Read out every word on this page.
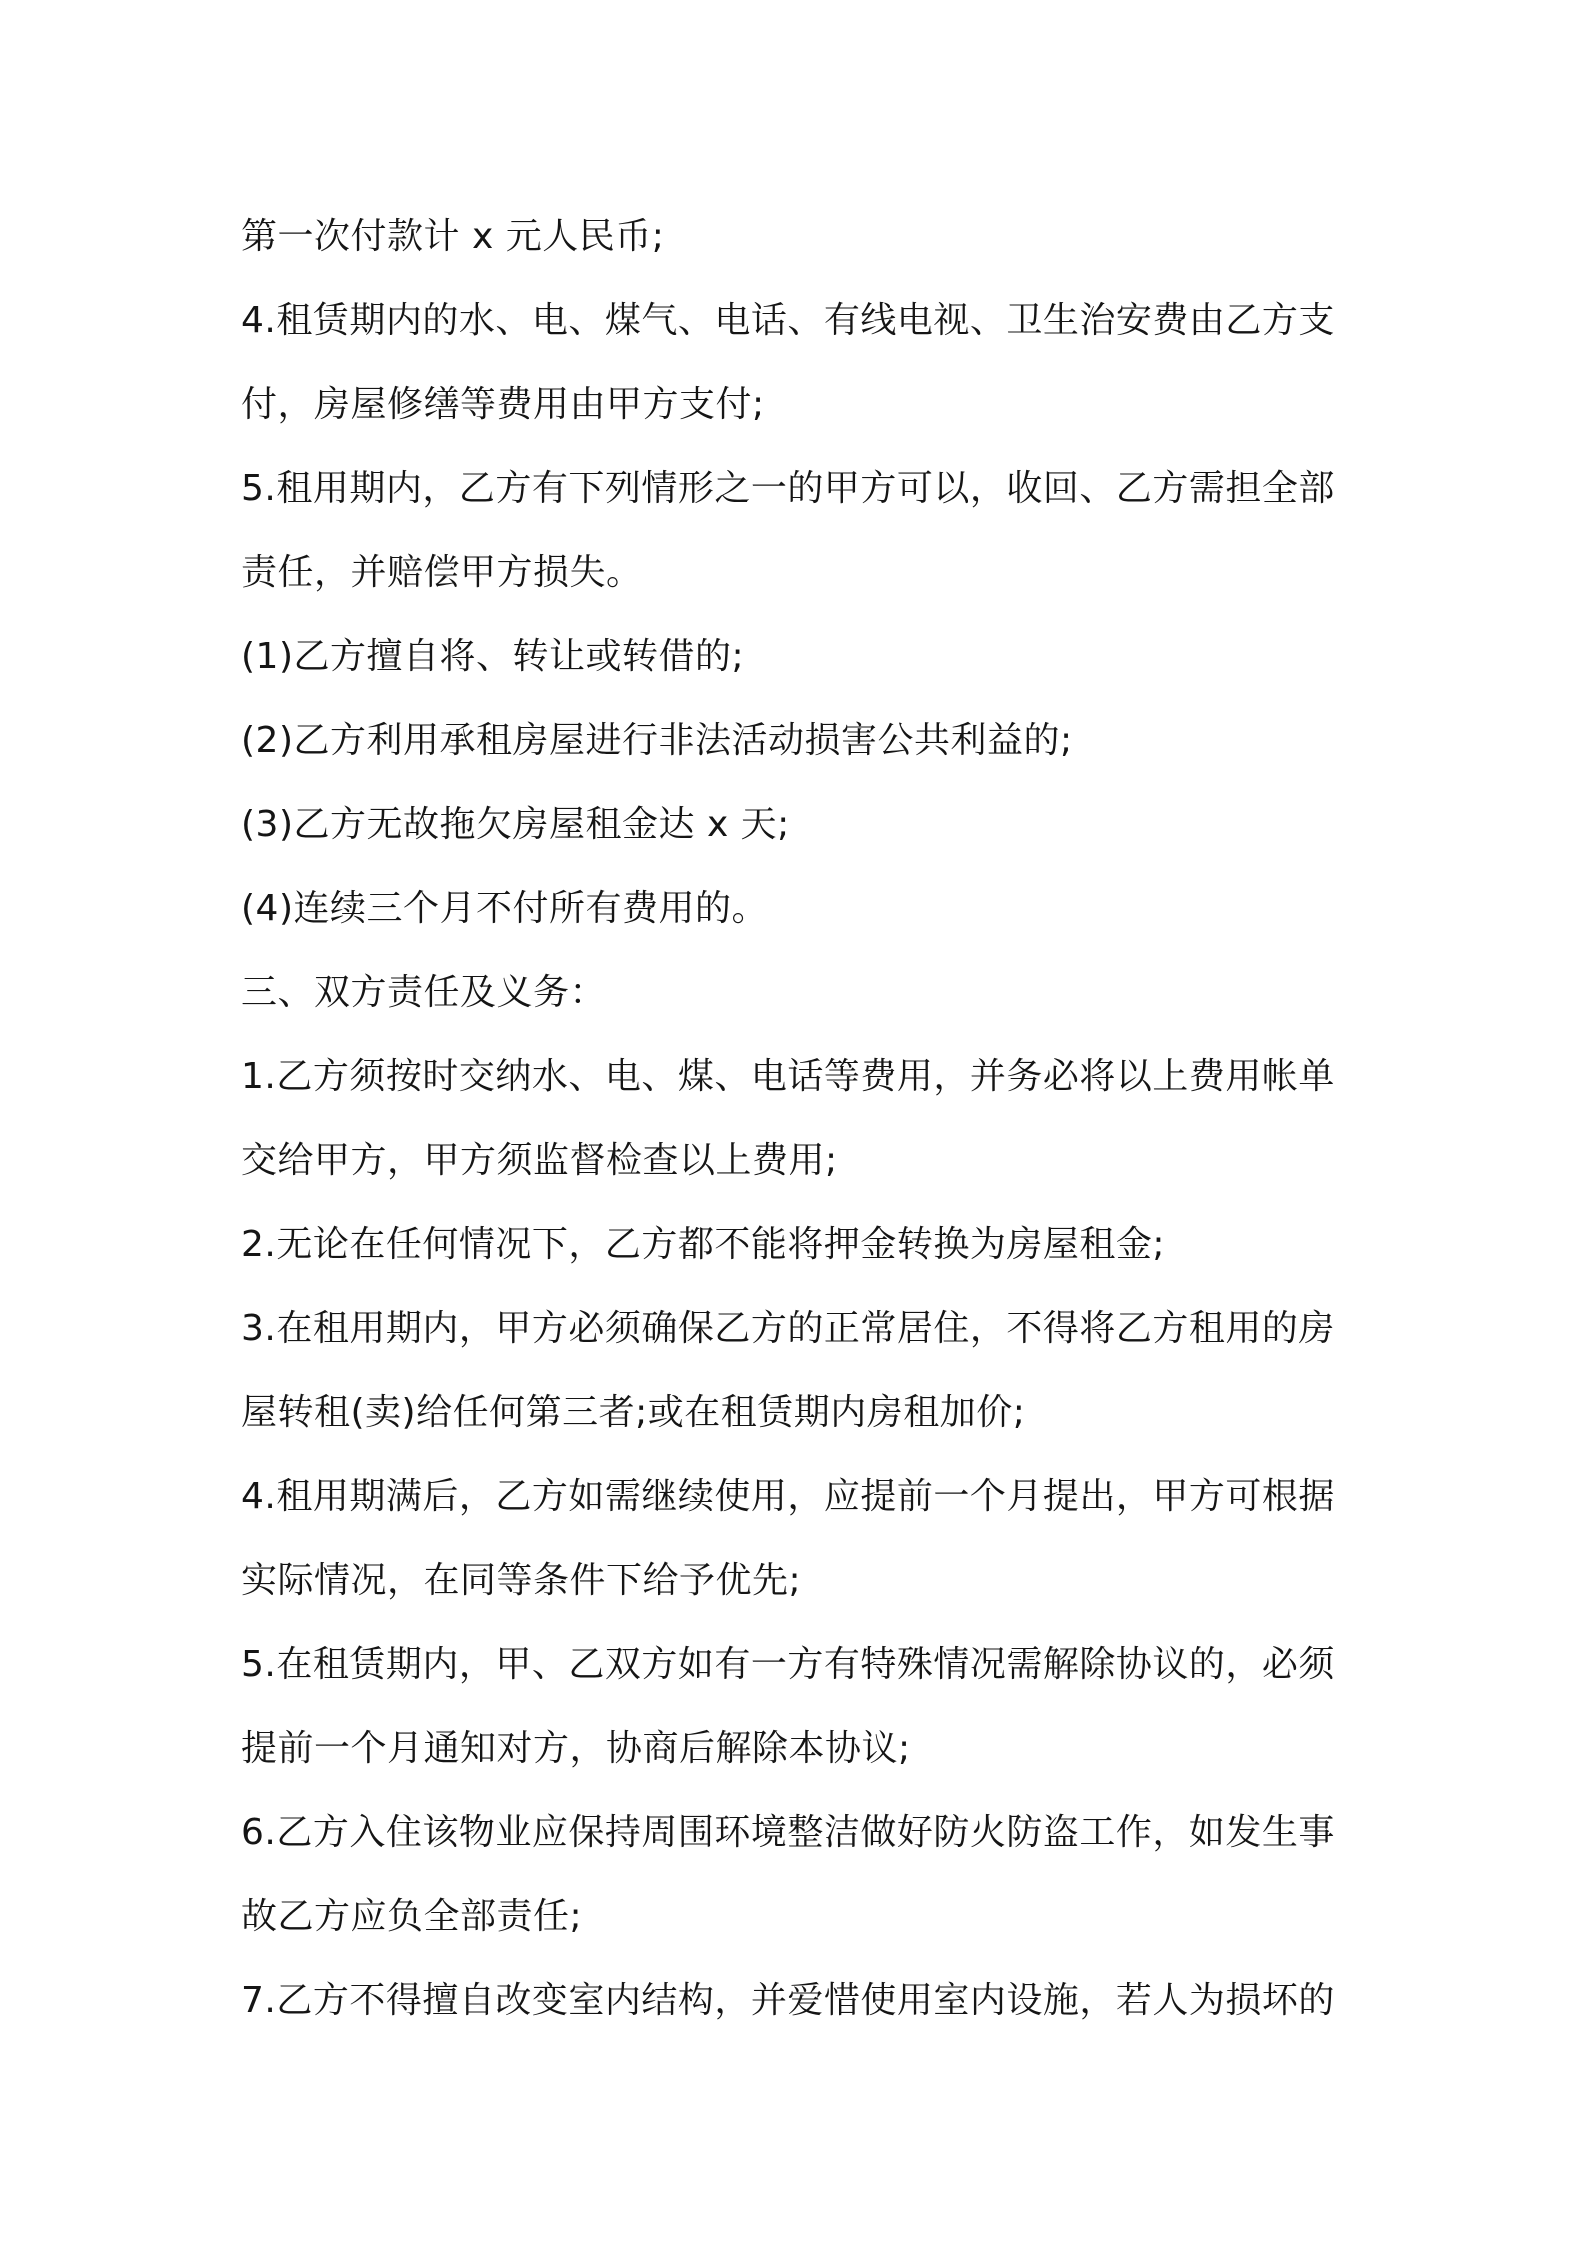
第一次付款计 x 元人民币;
4.租赁期内的水、电、煤气、电话、有线电视、卫生治安费由乙方支
付，房屋修缮等费用由甲方支付;
5.租用期内，乙方有下列情形之一的甲方可以，收回、乙方需担全部
责任，并赔偿甲方损失。
(1)乙方擅自将、转让或转借的;
(2)乙方利用承租房屋进行非法活动损害公共利益的;
(3)乙方无故拖欠房屋租金达 x 天;
(4)连续三个月不付所有费用的。
三、双方责任及义务：
1.乙方须按时交纳水、电、煤、电话等费用，并务必将以上费用帐单
交给甲方，甲方须监督检查以上费用;
2.无论在任何情况下，乙方都不能将押金转换为房屋租金;
3.在租用期内，甲方必须确保乙方的正常居住，不得将乙方租用的房
屋转租(卖)给任何第三者;或在租赁期内房租加价;
4.租用期满后，乙方如需继续使用，应提前一个月提出，甲方可根据
实际情况，在同等条件下给予优先;
5.在租赁期内，甲、乙双方如有一方有特殊情况需解除协议的，必须
提前一个月通知对方，协商后解除本协议;
6.乙方入住该物业应保持周围环境整洁做好防火防盗工作，如发生事
故乙方应负全部责任;
7.乙方不得擅自改变室内结构，并爱惜使用室内设施，若人为损坏的
